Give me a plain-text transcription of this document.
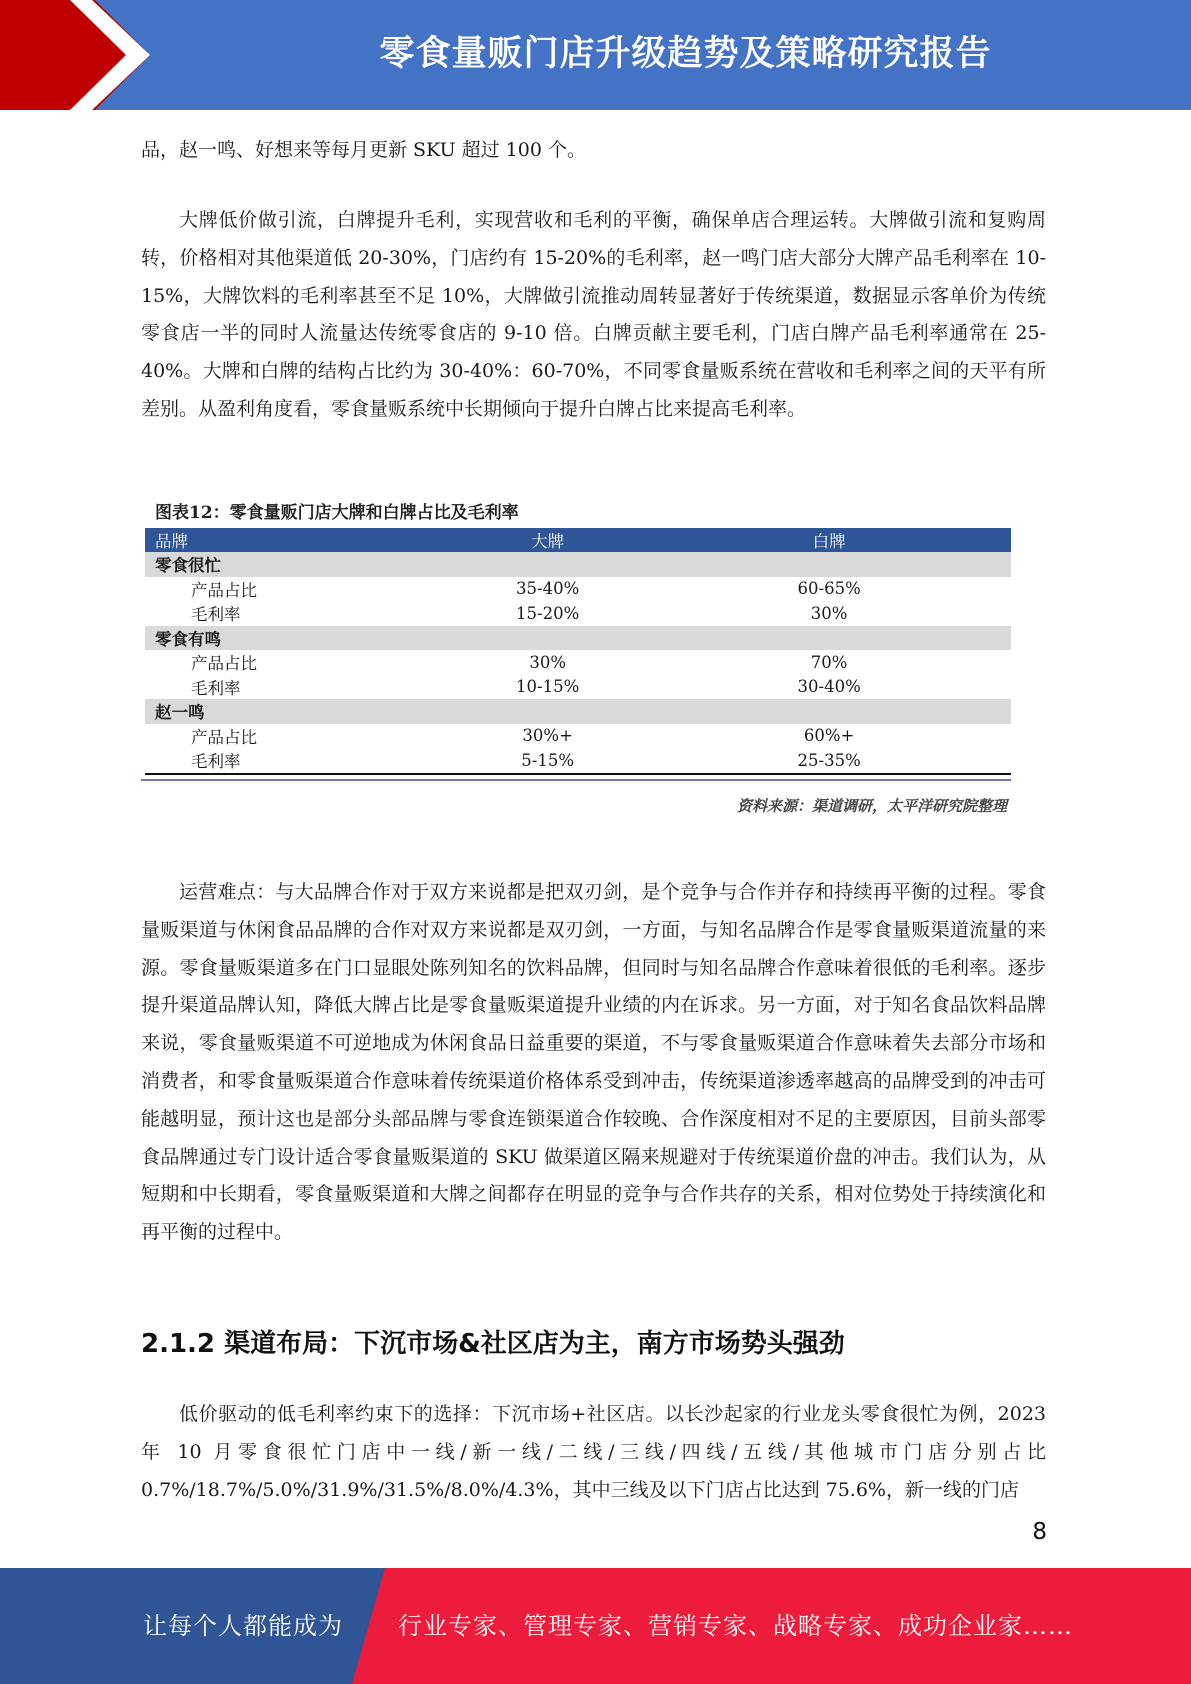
零食量贩门店升级趋势及策略研究报告

品，赵一鸣、好想来等每月更新 SKU 超过 100 个。

大牌低价做引流，白牌提升毛利，实现营收和毛利的平衡，确保单店合理运转。大牌做引流和复购周转，价格相对其他渠道低 20-30%，门店约有 15-20%的毛利率，赵一鸣门店大部分大牌产品毛利率在 10-15%，大牌饮料的毛利率甚至不足 10%，大牌做引流推动周转显著好于传统渠道，数据显示客单价为传统零食店一半的同时人流量达传统零食店的 9-10 倍。白牌贡献主要毛利，门店白牌产品毛利率通常在 25-40%。大牌和白牌的结构占比约为 30-40%：60-70%，不同零食量贩系统在营收和毛利率之间的天平有所差别。从盈利角度看，零食量贩系统中长期倾向于提升白牌占比来提高毛利率。

图表12：零食量贩门店大牌和白牌占比及毛利率
品牌	大牌	白牌
零食很忙		
产品占比	35-40%	60-65%
毛利率	15-20%	30%
零食有鸣		
产品占比	30%	70%
毛利率	10-15%	30-40%
赵一鸣		
产品占比	30%+	60%+
毛利率	5-15%	25-35%
资料来源：渠道调研，太平洋研究院整理

运营难点：与大品牌合作对于双方来说都是把双刃剑，是个竞争与合作并存和持续再平衡的过程。零食量贩渠道与休闲食品品牌的合作对双方来说都是双刃剑，一方面，与知名品牌合作是零食量贩渠道流量的来源。零食量贩渠道多在门口显眼处陈列知名的饮料品牌，但同时与知名品牌合作意味着很低的毛利率。逐步提升渠道品牌认知，降低大牌占比是零食量贩渠道提升业绩的内在诉求。另一方面，对于知名食品饮料品牌来说，零食量贩渠道不可逆地成为休闲食品日益重要的渠道，不与零食量贩渠道合作意味着失去部分市场和消费者，和零食量贩渠道合作意味着传统渠道价格体系受到冲击，传统渠道渗透率越高的品牌受到的冲击可能越明显，预计这也是部分头部品牌与零食连锁渠道合作较晚、合作深度相对不足的主要原因，目前头部零食品牌通过专门设计适合零食量贩渠道的 SKU 做渠道区隔来规避对于传统渠道价盘的冲击。我们认为，从短期和中长期看，零食量贩渠道和大牌之间都存在明显的竞争与合作共存的关系，相对位势处于持续演化和再平衡的过程中。

2.1.2 渠道布局：下沉市场&社区店为主，南方市场势头强劲

低价驱动的低毛利率约束下的选择：下沉市场+社区店。以长沙起家的行业龙头零食很忙为例，2023 年 10 月零食很忙门店中一线/新一线/二线/三线/四线/五线/其他城市门店分别占比 0.7%/18.7%/5.0%/31.9%/31.5%/8.0%/4.3%，其中三线及以下门店占比达到 75.6%，新一线的门店

8
让每个人都能成为 行业专家、管理专家、营销专家、战略专家、成功企业家……
